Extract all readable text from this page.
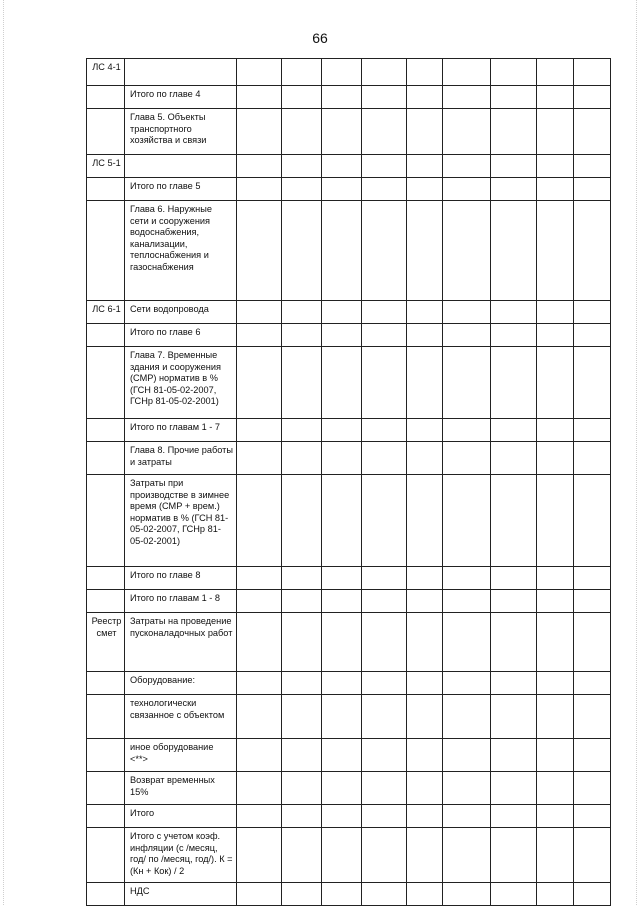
66
ЛС 4-1										
	Итого по главе 4									
	Глава 5. Объекты транспортного хозяйства и связи									
ЛС 5-1										
	Итого по главе 5									
	Глава 6. Наружные сети и сооружения водоснабжения, канализации, теплоснабжения и газоснабжения									
ЛС 6-1	Сети водопровода									
	Итого по главе 6									
	Глава 7. Временные здания и сооружения (СМР) норматив в % (ГСН 81-05-02-2007, ГСНр 81-05-02-2001)									
	Итого по главам 1 - 7									
	Глава 8. Прочие работы и затраты									
	Затраты при производстве в зимнее время (СМР + врем.) норматив в % (ГСН 81-05-02-2007, ГСНр 81-05-02-2001)									
	Итого по главе 8									
	Итого по главам 1 - 8									
Реестр смет	Затраты на проведение пусконаладочных работ									
	Оборудование:									
	технологически связанное с объектом									
	иное оборудование <**>									
	Возврат временных 15%									
	Итого									
	Итого с учетом коэф. инфляции (с /месяц, год/ по /месяц, год/). К = (Кн + Кок) / 2									
	НДС									
